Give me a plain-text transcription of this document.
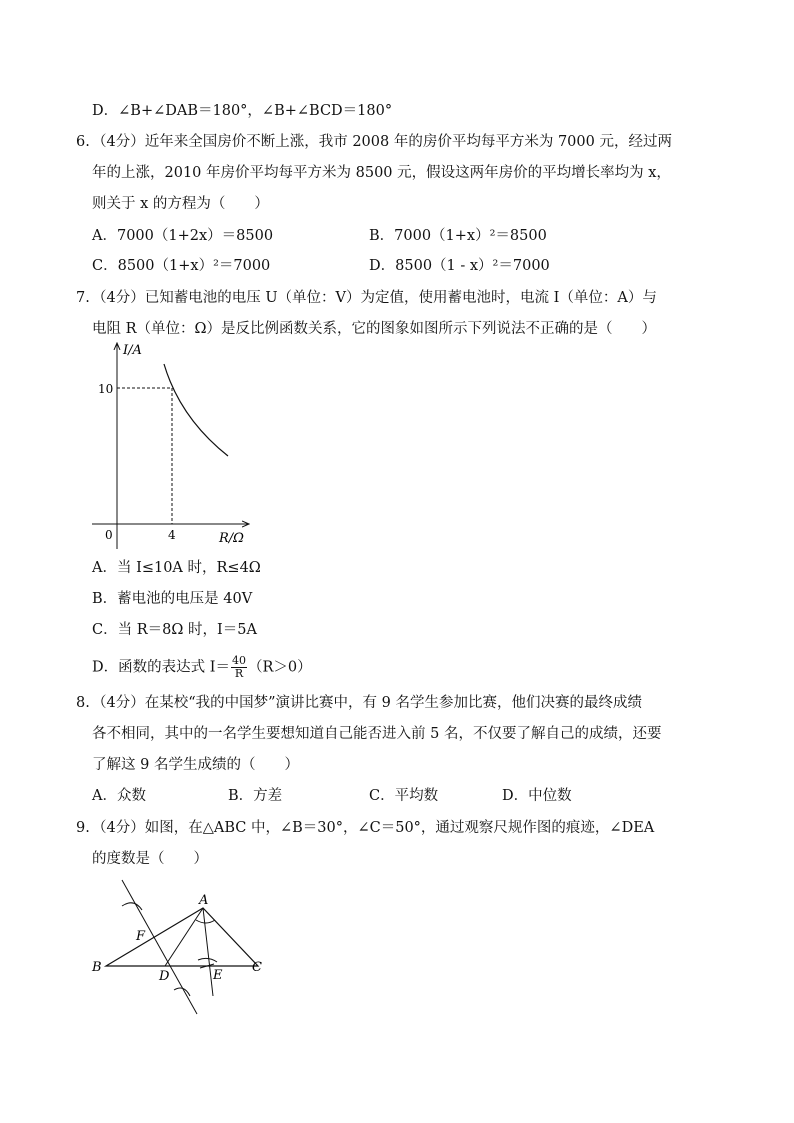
D．∠B+∠DAB＝180°，∠B+∠BCD＝180°
6. （4分）近年来全国房价不断上涨，我市 2008 年的房价平均每平方米为 7000 元，经过两
年的上涨，2010 年房价平均每平方米为 8500 元，假设这两年房价的平均增长率均为 x，
则关于 x 的方程为（　　）
A．7000（1+2x）＝8500	B．7000（1+x）²＝8500
C．8500（1+x）²＝7000	D．8500（1 - x）²＝7000
7. （4分）已知蓄电池的电压 U（单位：V）为定值，使用蓄电池时，电流 I（单位：A）与
电阻 R（单位：Ω）是反比例函数关系，它的图象如图所示下列说法不正确的是（　　）
I/A
10
0	4	R/Ω
A．当 I≤10A 时，R≤4Ω
B．蓄电池的电压是 40V
C．当 R＝8Ω 时，I＝5A
D．函数的表达式 $I= \frac{40}{R} (R>0)$
8. （4分）在某校“我的中国梦”演讲比赛中，有 9 名学生参加比赛，他们决赛的最终成绩
各不相同，其中的一名学生要想知道自己能否进入前 5 名，不仅要了解自己的成绩，还要
了解这 9 名学生成绩的（　　）
A．众数	B．方差	C．平均数	D．中位数
9. （4分）如图，在△ABC 中，∠B＝30°，∠C＝50°，通过观察尺规作图的痕迹，∠DEA
的度数是（　　）
A
F
B
D	E
C
